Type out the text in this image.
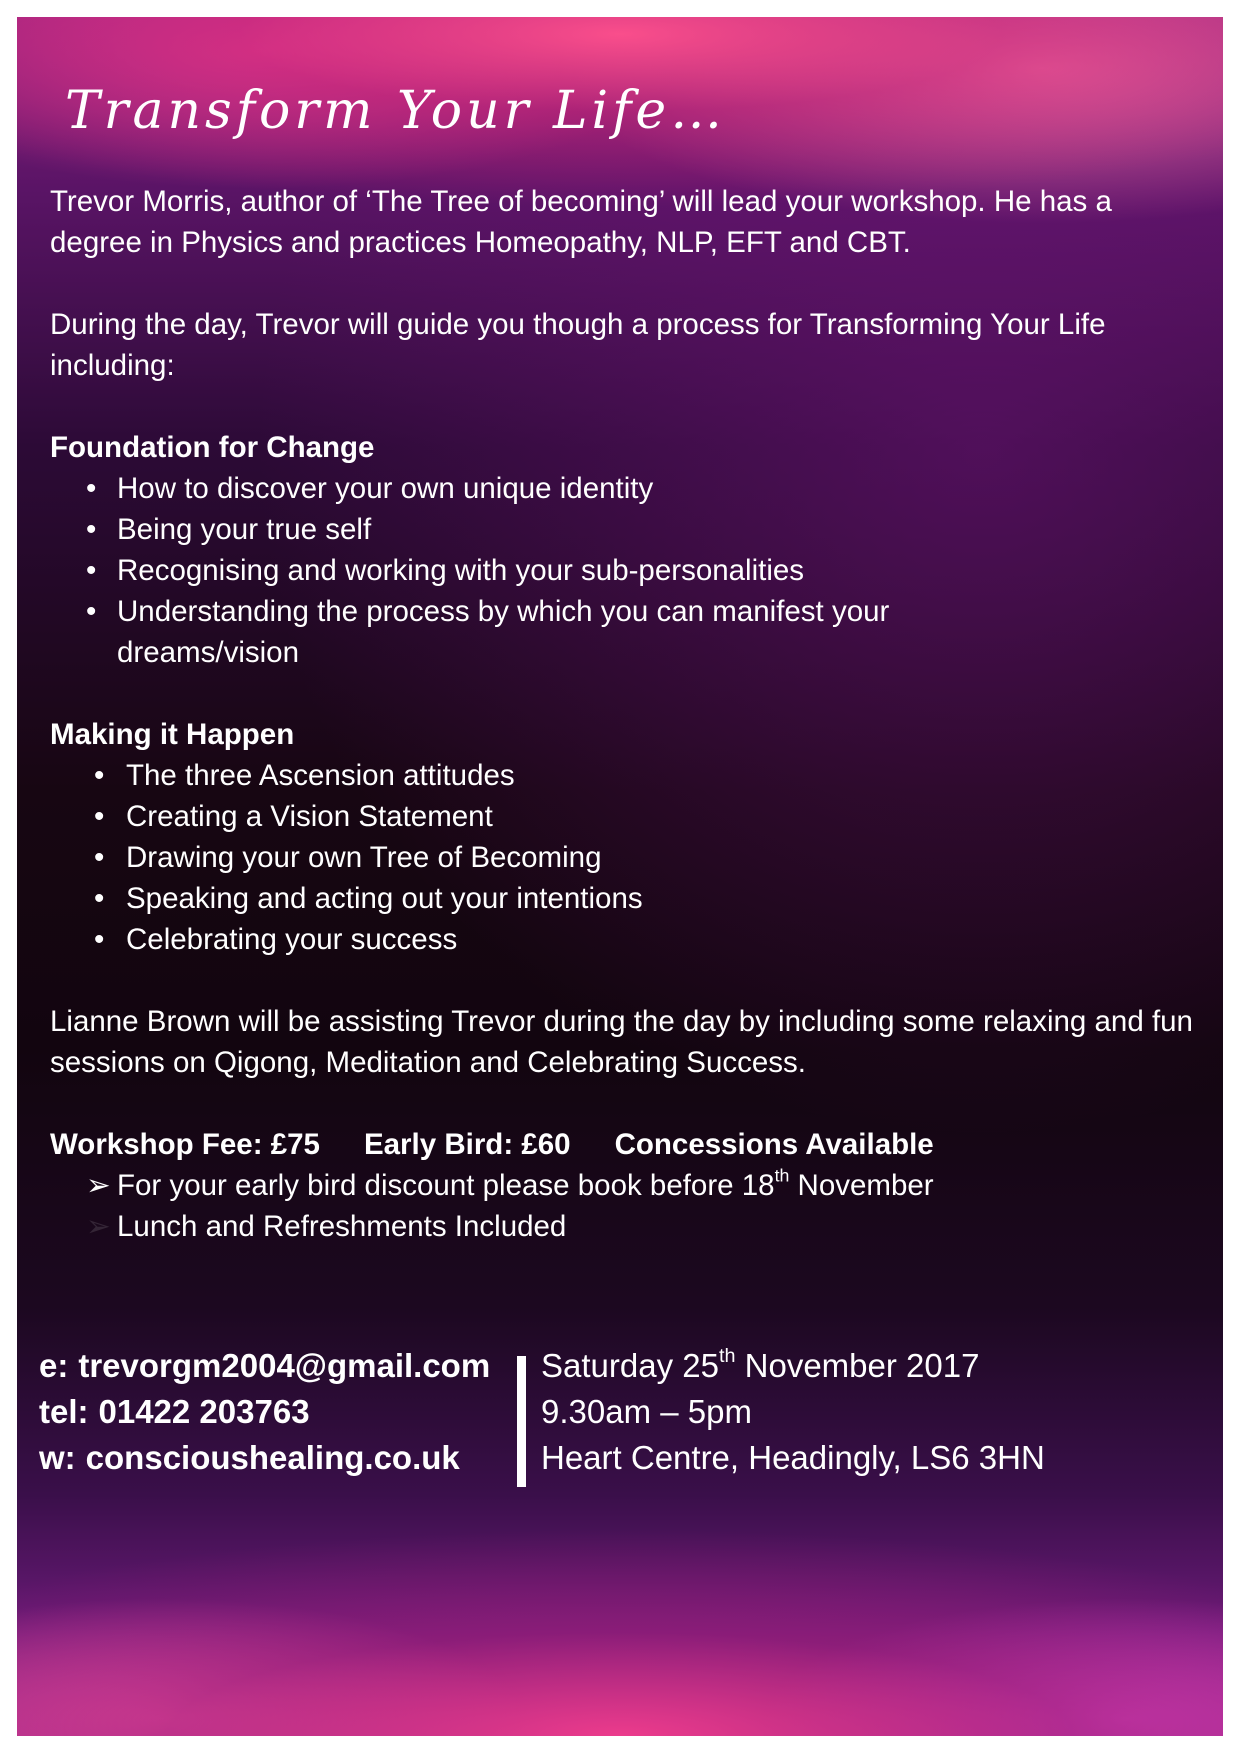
Transform Your Life…

Trevor Morris, author of ‘The Tree of becoming’ will lead your workshop. He has a degree in Physics and practices Homeopathy, NLP, EFT and CBT.

During the day, Trevor will guide you though a process for Transforming Your Life including:

Foundation for Change

• How to discover your own unique identity
• Being your true self
• Recognising and working with your sub-personalities
• Understanding the process by which you can manifest your dreams/vision

Making it Happen

• The three Ascension attitudes
• Creating a Vision Statement
• Drawing your own Tree of Becoming
• Speaking and acting out your intentions
• Celebrating your success

Lianne Brown will be assisting Trevor during the day by including some relaxing and fun sessions on Qigong, Meditation and Celebrating Success.

Workshop Fee: £75 Early Bird: £60 Concessions Available

➢ For your early bird discount please book before 18th November
➢ Lunch and Refreshments Included
e: trevorgm2004@gmail.com
tel: 01422 203763
w: conscioushealing.co.uk
Saturday 25th November 2017
9.30am – 5pm
Heart Centre, Headingly, LS6 3HN
